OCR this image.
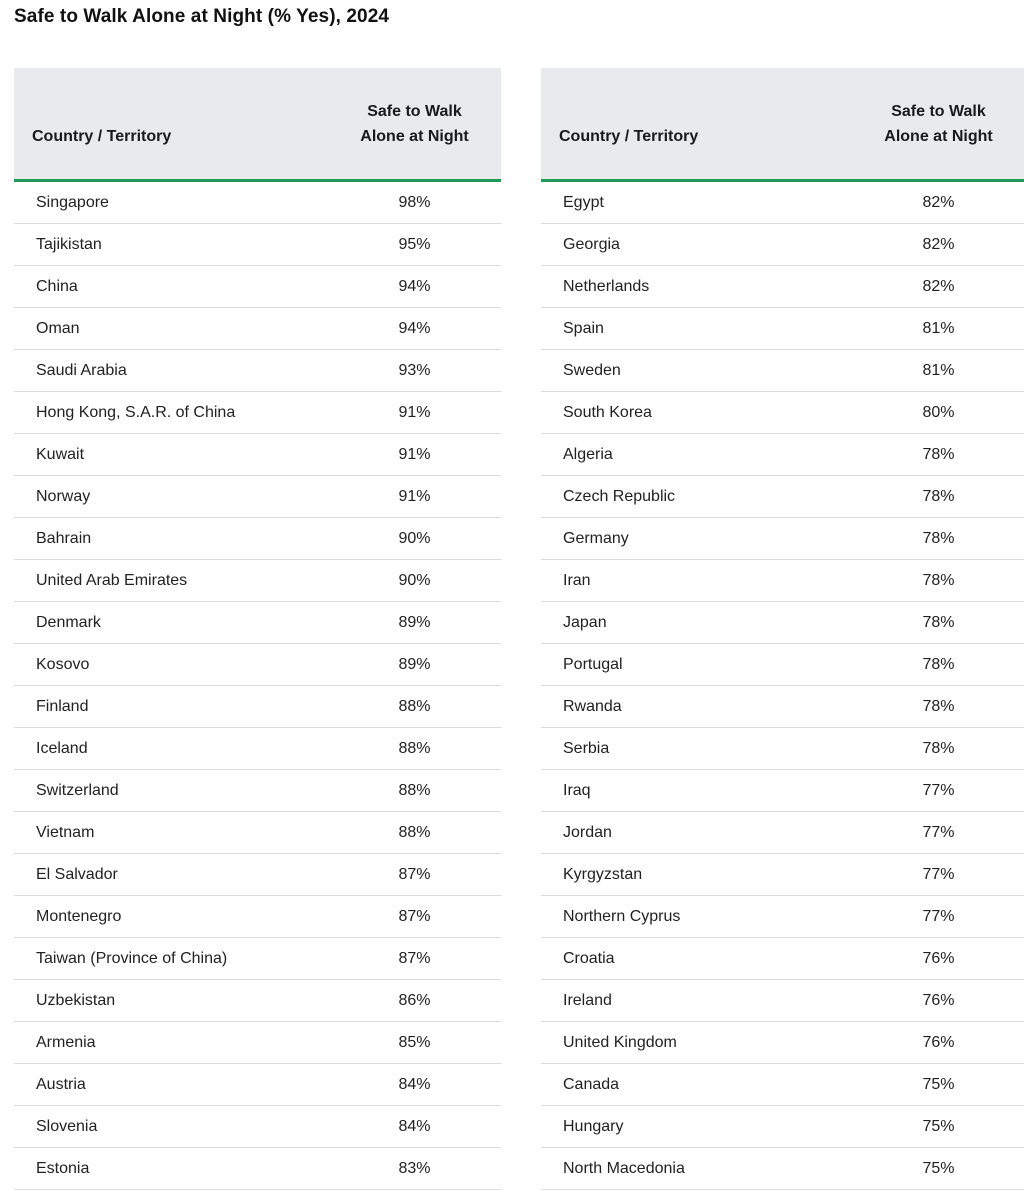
Safe to Walk Alone at Night (% Yes), 2024
Country / Territory	Safe to Walk
Alone at Night
Singapore	98%
Tajikistan	95%
China	94%
Oman	94%
Saudi Arabia	93%
Hong Kong, S.A.R. of China	91%
Kuwait	91%
Norway	91%
Bahrain	90%
United Arab Emirates	90%
Denmark	89%
Kosovo	89%
Finland	88%
Iceland	88%
Switzerland	88%
Vietnam	88%
El Salvador	87%
Montenegro	87%
Taiwan (Province of China)	87%
Uzbekistan	86%
Armenia	85%
Austria	84%
Slovenia	84%
Estonia	83%
Country / Territory	Safe to Walk
Alone at Night
Egypt	82%
Georgia	82%
Netherlands	82%
Spain	81%
Sweden	81%
South Korea	80%
Algeria	78%
Czech Republic	78%
Germany	78%
Iran	78%
Japan	78%
Portugal	78%
Rwanda	78%
Serbia	78%
Iraq	77%
Jordan	77%
Kyrgyzstan	77%
Northern Cyprus	77%
Croatia	76%
Ireland	76%
United Kingdom	76%
Canada	75%
Hungary	75%
North Macedonia	75%
